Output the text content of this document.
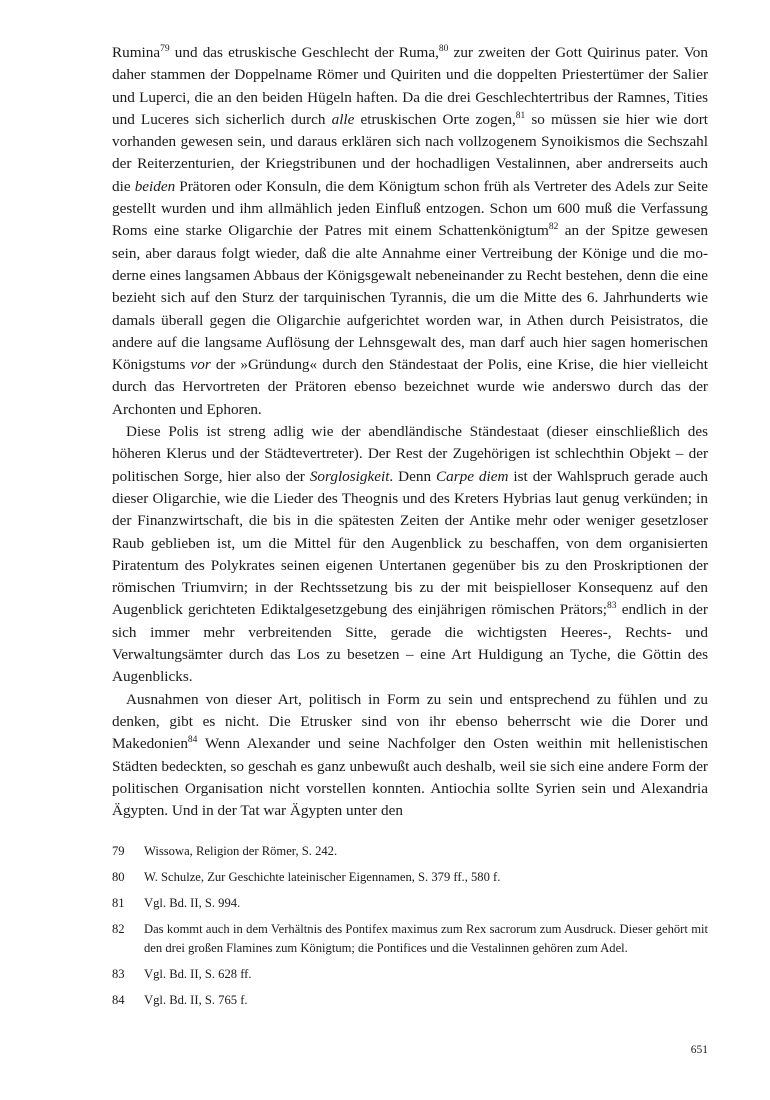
Rumina$^{79}$ und das etruskische Geschlecht der Ruma,$^{80}$ zur zweiten der Gott Quirinus pater. Von daher stammen der Doppelname Römer und Quiriten und die doppelten Priestertümer der Salier und Luperci, die an den beiden Hügeln haften. Da die drei Geschlechtertribus der Ramnes, Tities und Luceres sich sicherlich durch alle etruskischen Orte zogen,$^{81}$ so müssen sie hier wie dort vorhanden gewesen sein, und daraus erklären sich nach vollzogenem Synoikismos die Sechszahl der Reiterzenturien, der Kriegstribunen und der hochadligen Vestalinnen, aber andrerseits auch die beiden Prätoren oder Konsuln, die dem Königtum schon früh als Vertreter des Adels zur Seite gestellt wurden und ihm allmählich jeden Einfluß entzogen. Schon um 600 muß die Verfassung Roms eine starke Oligarchie der Patres mit einem Schattenkönigtum$^{82}$ an der Spitze gewesen sein, aber daraus folgt wieder, daß die alte Annahme einer Vertreibung der Könige und die moderne eines langsamen Abbaus der Königsgewalt nebeneinander zu Recht bestehen, denn die eine bezieht sich auf den Sturz der tarquinischen Tyrannis, die um die Mitte des 6. Jahrhunderts wie damals überall gegen die Oligarchie aufgerichtet worden war, in Athen durch Peisistratos, die andere auf die langsame Auflösung der Lehnsgewalt des, man darf auch hier sagen homerischen Königstums vor der »Gründung« durch den Ständestaat der Polis, eine Krise, die hier vielleicht durch das Hervortreten der Prätoren ebenso bezeichnet wurde wie anderswo durch das der Archonten und Ephoren.

Diese Polis ist streng adlig wie der abendländische Ständestaat (dieser einschließlich des höheren Klerus und der Städtevertreter). Der Rest der Zugehörigen ist schlechthin Objekt – der politischen Sorge, hier also der Sorglosigkeit. Denn Carpe diem ist der Wahlspruch gerade auch dieser Oligarchie, wie die Lieder des Theognis und des Kreters Hybrias laut genug verkünden; in der Finanzwirtschaft, die bis in die spätesten Zeiten der Antike mehr oder weniger gesetzloser Raub geblieben ist, um die Mittel für den Augenblick zu beschaffen, von dem organisierten Piratentum des Polykrates seinen eigenen Untertanen gegenüber bis zu den Proskriptionen der römischen Triumvirn; in der Rechtssetzung bis zu der mit beispielloser Konsequenz auf den Augenblick gerichteten Ediktalgesetzgebung des einjährigen römischen Prätors;$^{83}$ endlich in der sich immer mehr verbreitenden Sitte, gerade die wichtigsten Heeres-, Rechts- und Verwaltungsämter durch das Los zu besetzen – eine Art Huldigung an Tyche, die Göttin des Augenblicks.

Ausnahmen von dieser Art, politisch in Form zu sein und entsprechend zu fühlen und zu denken, gibt es nicht. Die Etrusker sind von ihr ebenso beherrscht wie die Dorer und Makedonien$^{84}$ Wenn Alexander und seine Nachfolger den Osten weithin mit hellenistischen Städten bedeckten, so geschah es ganz unbewußt auch deshalb, weil sie sich eine andere Form der politischen Organisation nicht vorstellen konnten. Antiochia sollte Syrien sein und Alexandria Ägypten. Und in der Tat war Ägypten unter den

79 Wissowa, Religion der Römer, S. 242.
80 W. Schulze, Zur Geschichte lateinischer Eigennamen, S. 379 ff., 580 f.
81 Vgl. Bd. II, S. 994.
82 Das kommt auch in dem Verhältnis des Pontifex maximus zum Rex sacrorum zum Ausdruck. Dieser gehört mit den drei großen Flamines zum Königtum; die Pontifices und die Vestalinnen gehören zum Adel.
83 Vgl. Bd. II, S. 628 ff.
84 Vgl. Bd. II, S. 765 f.
651
